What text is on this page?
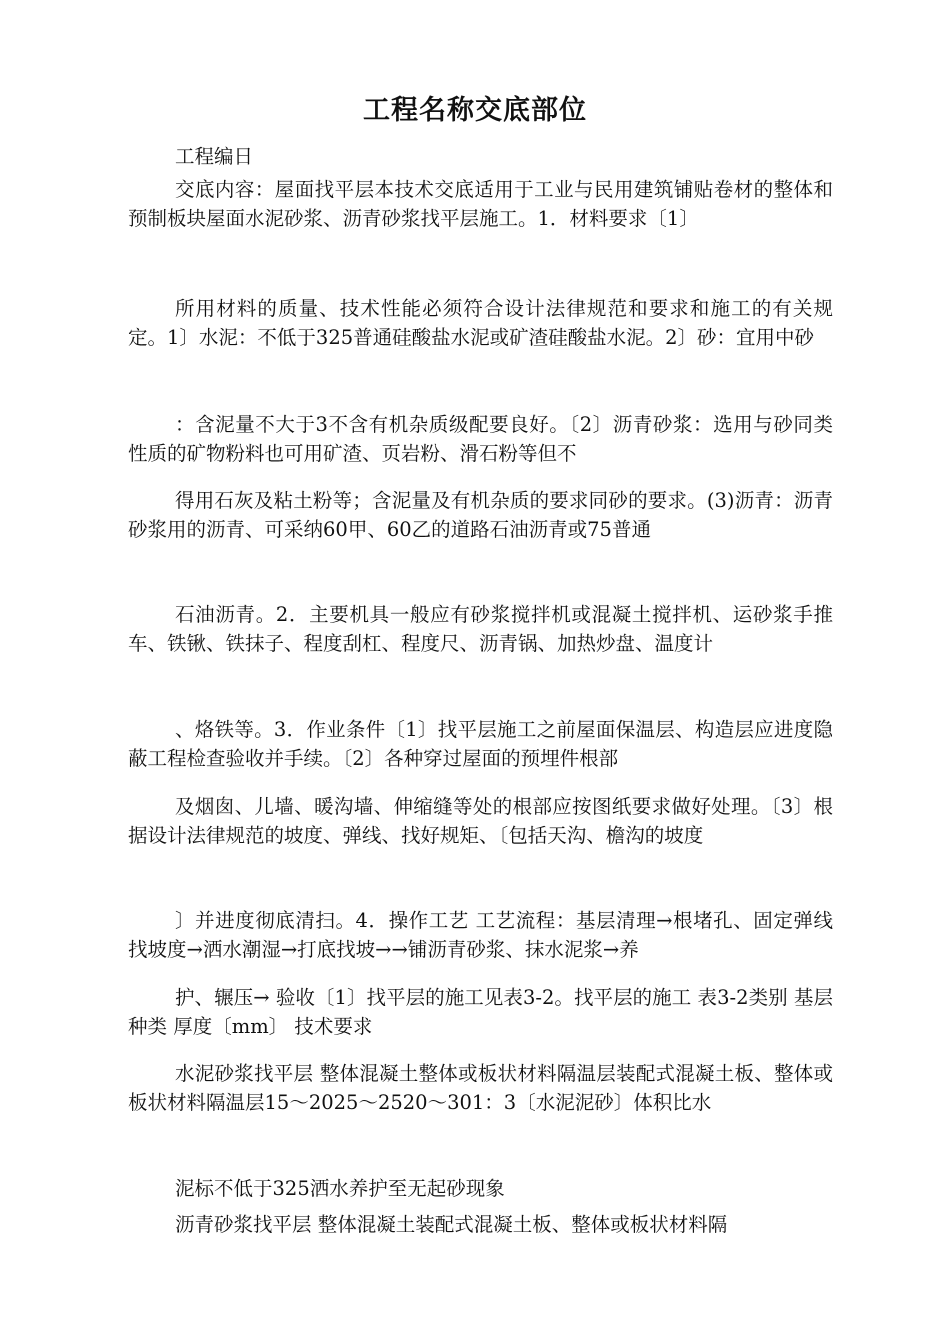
工程名称交底部位
工程编日
交底内容：屋面找平层本技术交底适用于工业与民用建筑铺贴卷材的整体和预制板块屋面水泥砂浆、沥青砂浆找平层施工。1．材料要求〔1〕
所用材料的质量、技术性能必须符合设计法律规范和要求和施工的有关规定。1〕水泥：不低于325普通硅酸盐水泥或矿渣硅酸盐水泥。2〕砂：宜用中砂
：含泥量不大于3不含有机杂质级配要良好。〔2〕沥青砂浆：选用与砂同类性质的矿物粉料也可用矿渣、页岩粉、滑石粉等但不
得用石灰及粘土粉等；含泥量及有机杂质的要求同砂的要求。(3)沥青：沥青砂浆用的沥青、可采纳60甲、60乙的道路石油沥青或75普通
石油沥青。2．主要机具一般应有砂浆搅拌机或混凝土搅拌机、运砂浆手推车、铁锹、铁抹子、程度刮杠、程度尺、沥青锅、加热炒盘、温度计
、烙铁等。3．作业条件〔1〕找平层施工之前屋面保温层、构造层应进度隐蔽工程检查验收并手续。〔2〕各种穿过屋面的预埋件根部
及烟囱、儿墙、暖沟墙、伸缩缝等处的根部应按图纸要求做好处理。〔3〕根据设计法律规范的坡度、弹线、找好规矩、〔包括天沟、檐沟的坡度
〕并进度彻底清扫。4．操作工艺 工艺流程：基层清理→根堵孔、固定弹线找坡度→洒水潮湿→打底找坡→→铺沥青砂浆、抹水泥浆→养
护、辗压→ 验收〔1〕找平层的施工见表3-2。找平层的施工 表3-2类别 基层种类 厚度〔mm〕 技术要求
水泥砂浆找平层 整体混凝土整体或板状材料隔温层装配式混凝土板、整体或板状材料隔温层15～2025～2520～301：3〔水泥泥砂〕体积比水
泥标不低于325洒水养护至无起砂现象
沥青砂浆找平层 整体混凝土装配式混凝土板、整体或板状材料隔
